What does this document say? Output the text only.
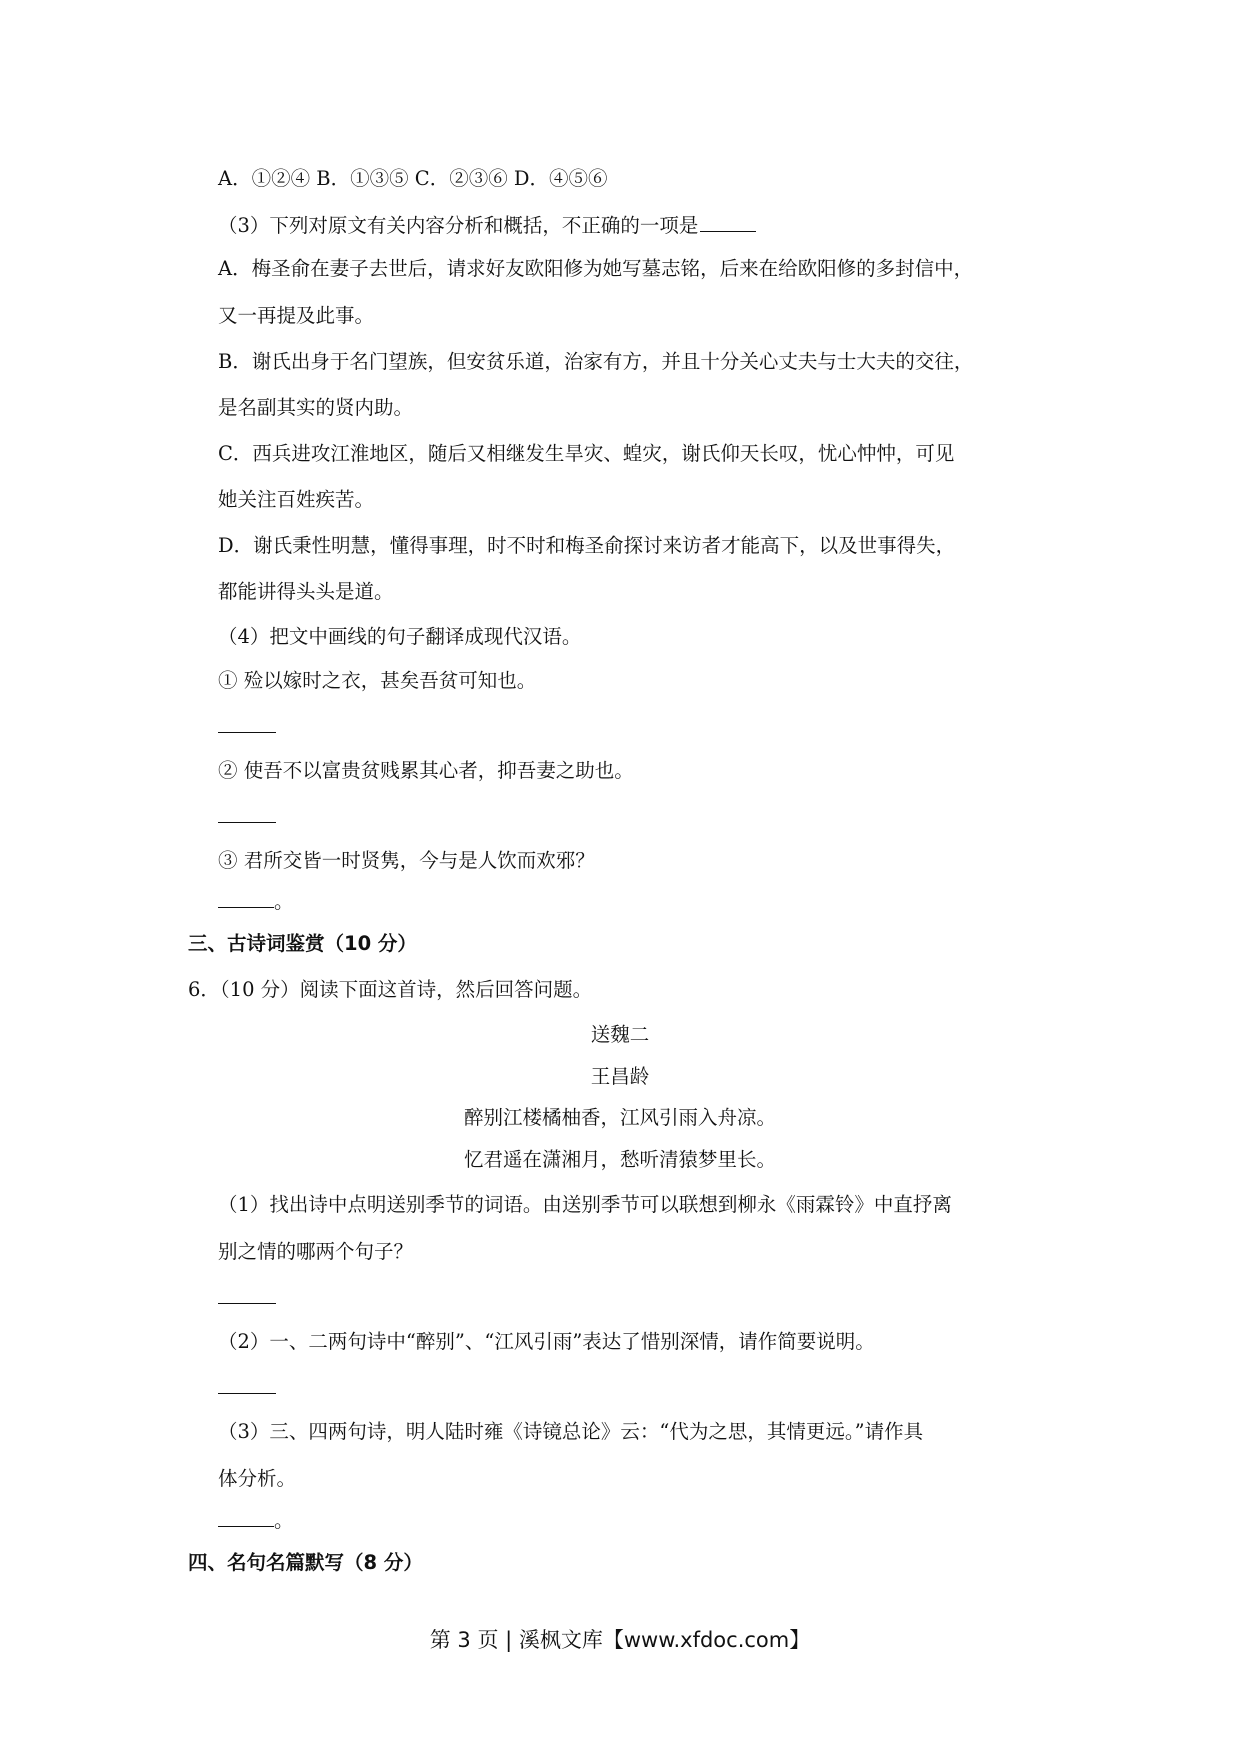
A．①②④ B．①③⑤ C．②③⑥ D．④⑤⑥
（3）下列对原文有关内容分析和概括，不正确的一项是
A．梅圣俞在妻子去世后，请求好友欧阳修为她写墓志铭，后来在给欧阳修的多封信中，
又一再提及此事。
B．谢氏出身于名门望族，但安贫乐道，治家有方，并且十分关心丈夫与士大夫的交往，
是名副其实的贤内助。
C．西兵进攻江淮地区，随后又相继发生旱灾、蝗灾，谢氏仰天长叹，忧心忡忡，可见
她关注百姓疾苦。
D．谢氏秉性明慧，懂得事理，时不时和梅圣俞探讨来访者才能高下，以及世事得失，
都能讲得头头是道。
（4）把文中画线的句子翻译成现代汉语。
① 殓以嫁时之衣，甚矣吾贫可知也。
② 使吾不以富贵贫贱累其心者，抑吾妻之助也。
③ 君所交皆一时贤隽，今与是人饮而欢邪？
。
三、古诗词鉴赏（10 分）
6．（10 分）阅读下面这首诗，然后回答问题。
送魏二
王昌龄
醉别江楼橘柚香，江风引雨入舟凉。
忆君遥在潇湘月，愁听清猿梦里长。
（1）找出诗中点明送别季节的词语。由送别季节可以联想到柳永《雨霖铃》中直抒离
别之情的哪两个句子？
（2）一、二两句诗中“醉别”、“江风引雨”表达了惜别深情，请作简要说明。
（3）三、四两句诗，明人陆时雍《诗镜总论》云：“代为之思，其情更远。”请作具
体分析。
。
四、名句名篇默写（8 分）
第 3 页 | 溪枫文库【www.xfdoc.com】
